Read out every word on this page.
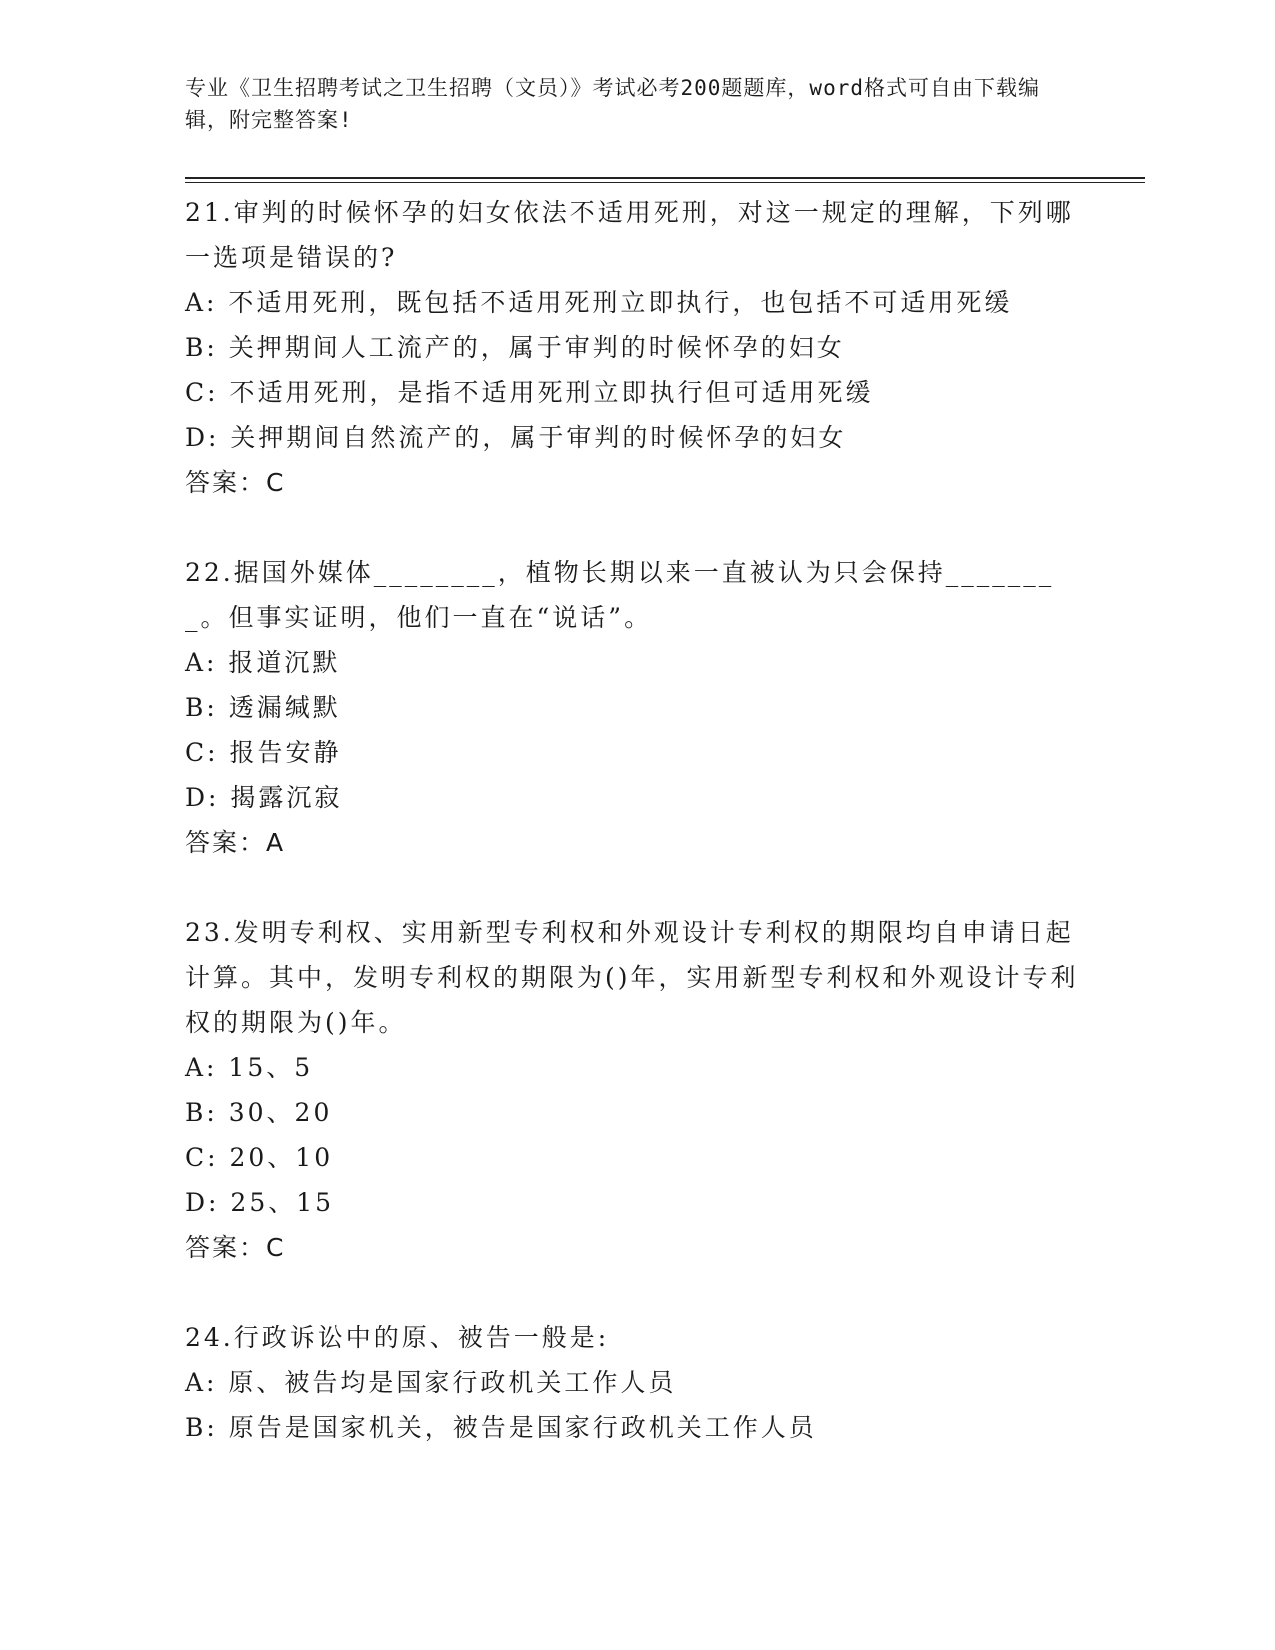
专业《卫生招聘考试之卫生招聘（文员）》考试必考200题题库，word格式可自由下载编辑，附完整答案!
21.审判的时候怀孕的妇女依法不适用死刑，对这一规定的理解，下列哪一选项是错误的?
A: 不适用死刑，既包括不适用死刑立即执行，也包括不可适用死缓
B: 关押期间人工流产的，属于审判的时候怀孕的妇女
C: 不适用死刑，是指不适用死刑立即执行但可适用死缓
D: 关押期间自然流产的，属于审判的时候怀孕的妇女
答案：C
22.据国外媒体________，植物长期以来一直被认为只会保持________。但事实证明，他们一直在“说话”。
A: 报道沉默
B: 透漏缄默
C: 报告安静
D: 揭露沉寂
答案：A
23.发明专利权、实用新型专利权和外观设计专利权的期限均自申请日起计算。其中，发明专利权的期限为()年，实用新型专利权和外观设计专利权的期限为()年。
A: 15、5
B: 30、20
C: 20、10
D: 25、15
答案：C
24.行政诉讼中的原、被告一般是:
A: 原、被告均是国家行政机关工作人员
B: 原告是国家机关，被告是国家行政机关工作人员
